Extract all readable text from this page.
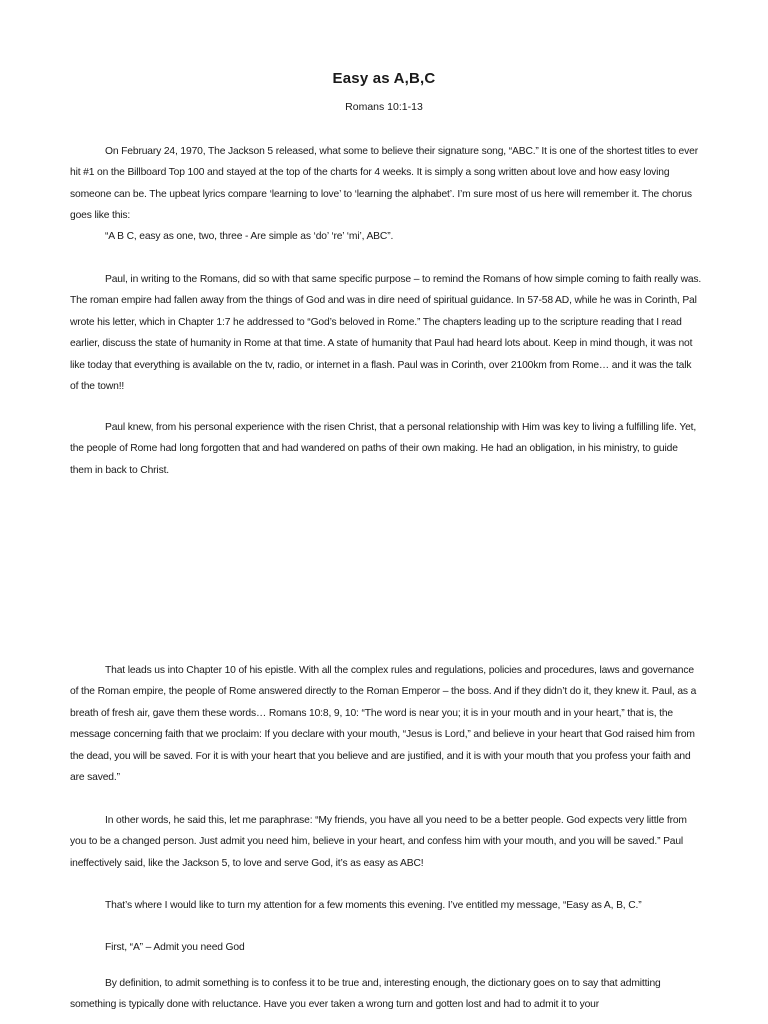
Easy as A,B,C
Romans 10:1-13

On February 24, 1970, The Jackson 5 released, what some to believe their signature song, “ABC.” It is one of the shortest titles to ever hit #1 on the Billboard Top 100 and stayed at the top of the charts for 4 weeks. It is simply a song written about love and how easy loving someone can be. The upbeat lyrics compare ‘learning to love’ to ‘learning the alphabet’. I’m sure most of us here will remember it. The chorus goes like this:

“A B C, easy as one, two, three - Are simple as ‘do’ ‘re’ ‘mi’, ABC”.

Paul, in writing to the Romans, did so with that same specific purpose – to remind the Romans of how simple coming to faith really was. The roman empire had fallen away from the things of God and was in dire need of spiritual guidance. In 57-58 AD, while he was in Corinth, Pal wrote his letter, which in Chapter 1:7 he addressed to “God’s beloved in Rome.” The chapters leading up to the scripture reading that I read earlier, discuss the state of humanity in Rome at that time. A state of humanity that Paul had heard lots about. Keep in mind though, it was not like today that everything is available on the tv, radio, or internet in a flash. Paul was in Corinth, over 2100km from Rome… and it was the talk of the town!!

Paul knew, from his personal experience with the risen Christ, that a personal relationship with Him was key to living a fulfilling life. Yet, the people of Rome had long forgotten that and had wandered on paths of their own making. He had an obligation, in his ministry, to guide them in back to Christ.

That leads us into Chapter 10 of his epistle. With all the complex rules and regulations, policies and procedures, laws and governance of the Roman empire, the people of Rome answered directly to the Roman Emperor – the boss. And if they didn’t do it, they knew it. Paul, as a breath of fresh air, gave them these words… Romans 10:8, 9, 10: “The word is near you; it is in your mouth and in your heart,” that is, the message concerning faith that we proclaim: If you declare with your mouth, “Jesus is Lord,” and believe in your heart that God raised him from the dead, you will be saved. For it is with your heart that you believe and are justified, and it is with your mouth that you profess your faith and are saved.”

In other words, he said this, let me paraphrase: “My friends, you have all you need to be a better people. God expects very little from you to be a changed person. Just admit you need him, believe in your heart, and confess him with your mouth, and you will be saved.” Paul ineffectively said, like the Jackson 5, to love and serve God, it’s as easy as ABC!

That’s where I would like to turn my attention for a few moments this evening. I’ve entitled my message, “Easy as A, B, C.”

First, “A” – Admit you need God

By definition, to admit something is to confess it to be true and, interesting enough, the dictionary goes on to say that admitting something is typically done with reluctance. Have you ever taken a wrong turn and gotten lost and had to admit it to your
